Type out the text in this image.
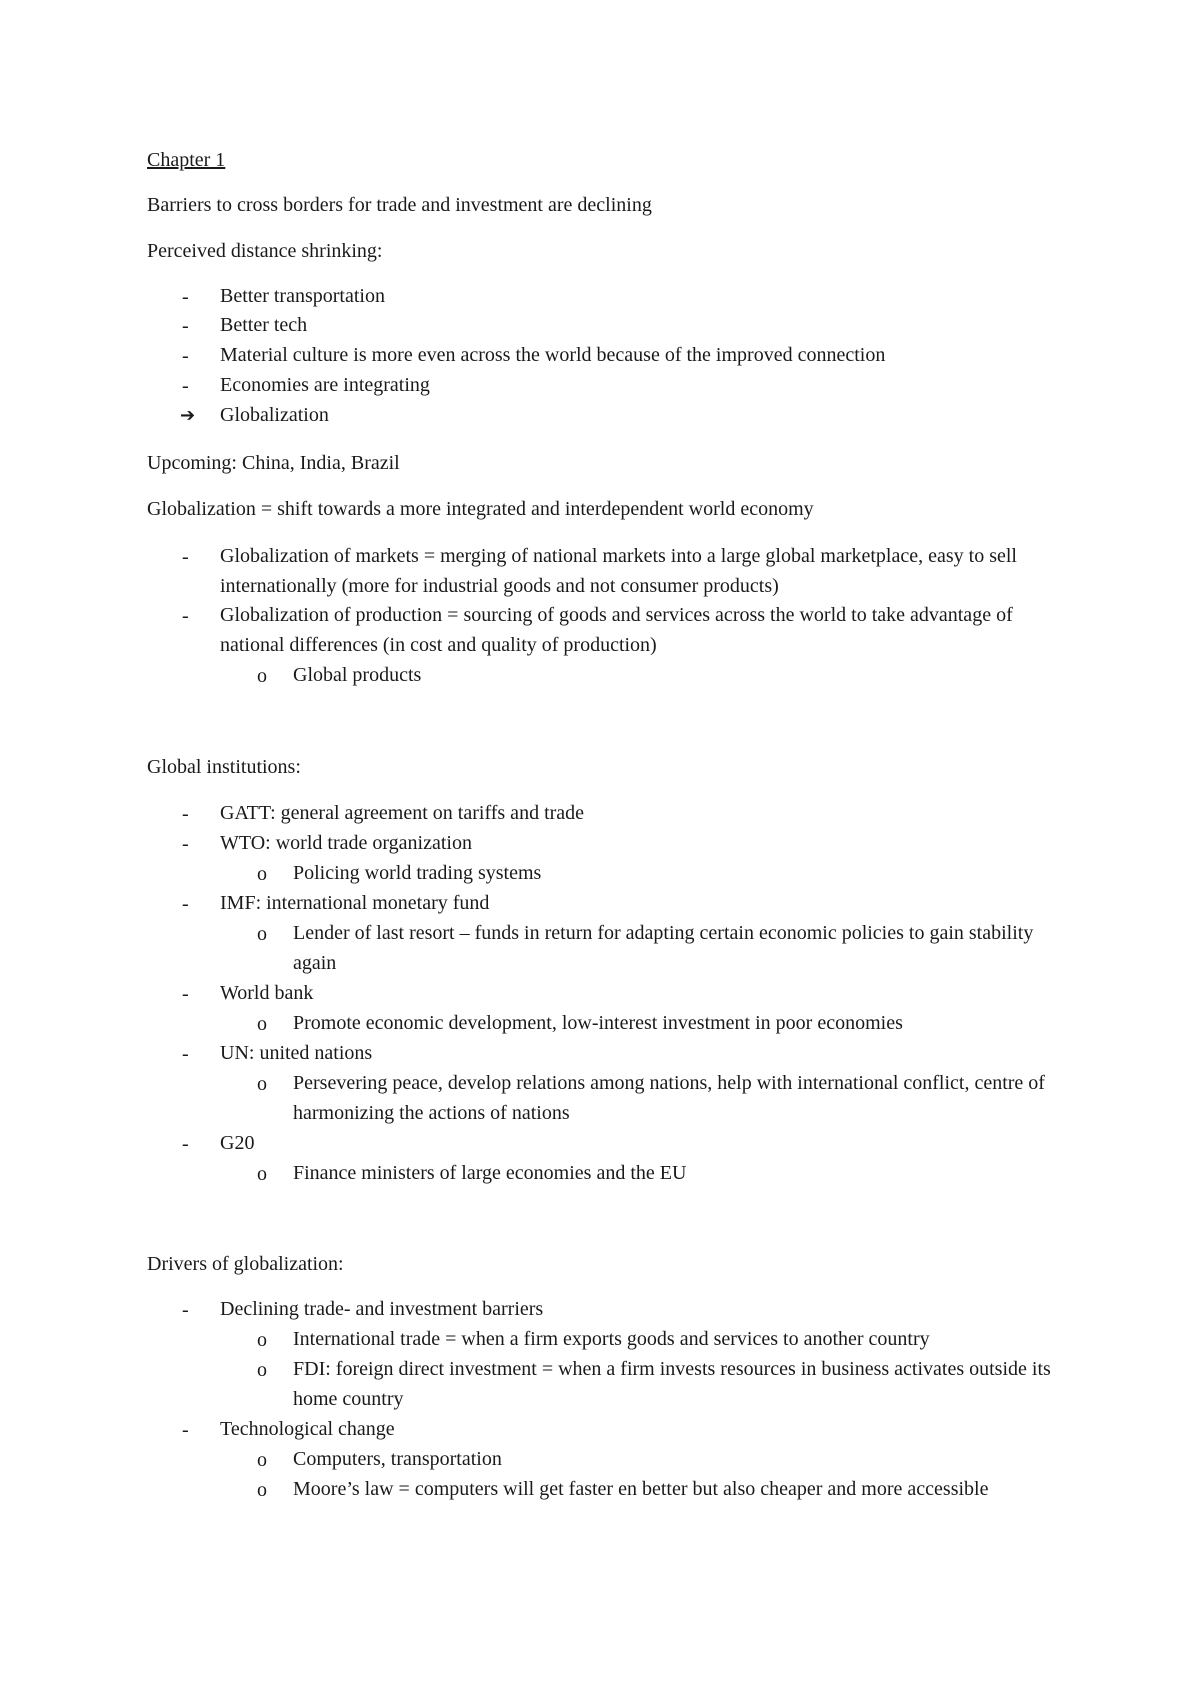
Chapter 1
Barriers to cross borders for trade and investment are declining
Perceived distance shrinking:
-	Better transportation
-	Better tech
-	Material culture is more even across the world because of the improved connection
-	Economies are integrating
➔ Globalization
Upcoming: China, India, Brazil
Globalization = shift towards a more integrated and interdependent world economy
-	Globalization of markets = merging of national markets into a large global marketplace, easy to sell internationally (more for industrial goods and not consumer products)
-	Globalization of production = sourcing of goods and services across the world to take advantage of national differences (in cost and quality of production)
o	Global products
Global institutions:
-	GATT: general agreement on tariffs and trade
-	WTO: world trade organization
o	Policing world trading systems
-	IMF: international monetary fund
o	Lender of last resort – funds in return for adapting certain economic policies to gain stability again
-	World bank
o	Promote economic development, low-interest investment in poor economies
-	UN: united nations
o	Persevering peace, develop relations among nations, help with international conflict, centre of harmonizing the actions of nations
-	G20
o	Finance ministers of large economies and the EU
Drivers of globalization:
-	Declining trade- and investment barriers
o	International trade = when a firm exports goods and services to another country
o	FDI: foreign direct investment = when a firm invests resources in business activates outside its home country
-	Technological change
o	Computers, transportation
o	Moore’s law = computers will get faster en better but also cheaper and more accessible
